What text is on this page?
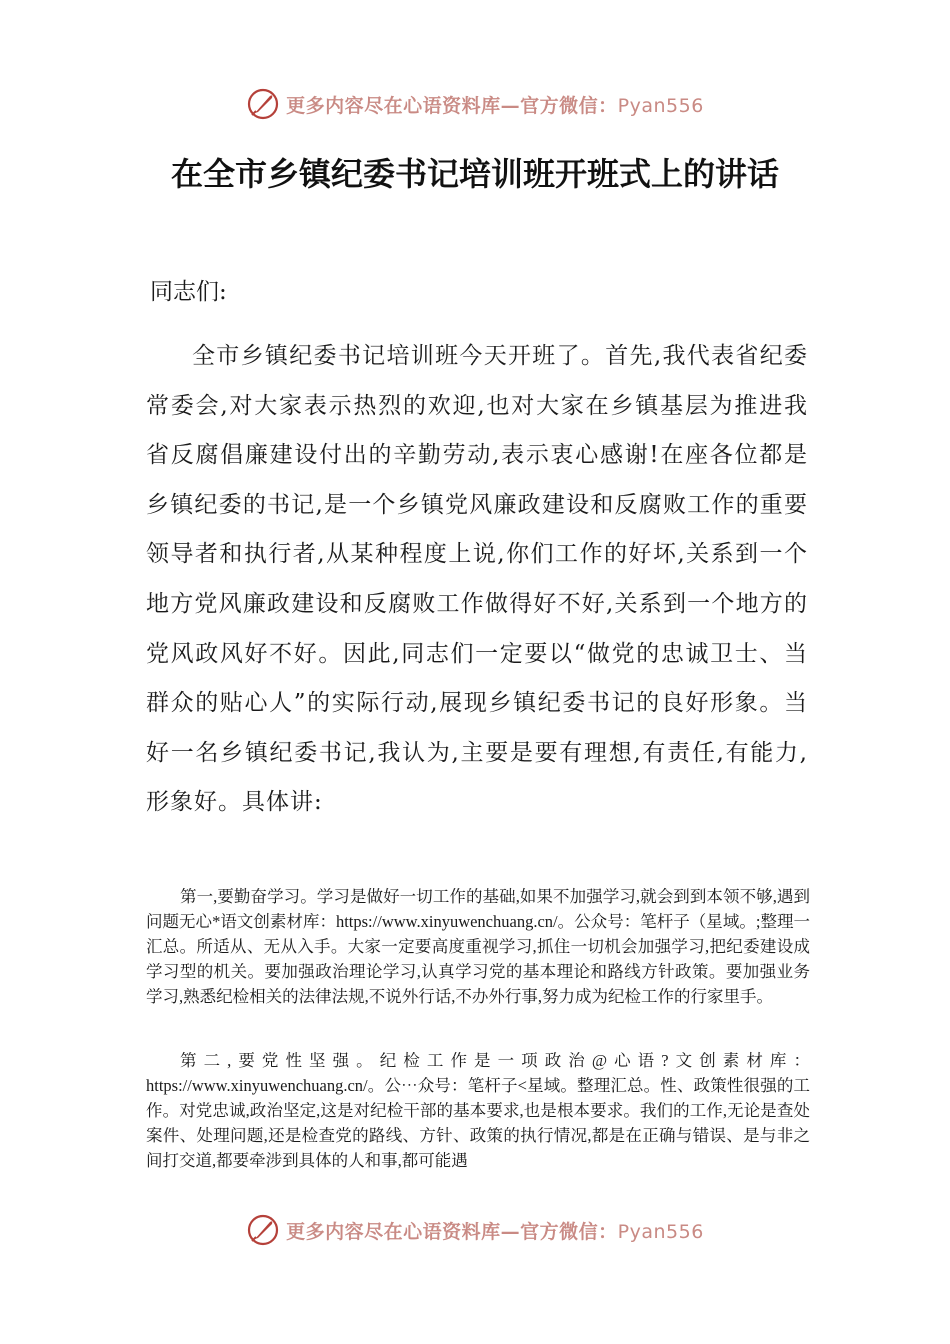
更多内容尽在心语资料库—官方微信：Pyan556
在全市乡镇纪委书记培训班开班式上的讲话
同志们:
全市乡镇纪委书记培训班今天开班了。首先,我代表省纪委常委会,对大家表示热烈的欢迎,也对大家在乡镇基层为推进我省反腐倡廉建设付出的辛勤劳动,表示衷心感谢!在座各位都是乡镇纪委的书记,是一个乡镇党风廉政建设和反腐败工作的重要领导者和执行者,从某种程度上说,你们工作的好坏,关系到一个地方党风廉政建设和反腐败工作做得好不好,关系到一个地方的党风政风好不好。因此,同志们一定要以“做党的忠诚卫士、当群众的贴心人”的实际行动,展现乡镇纪委书记的良好形象。当好一名乡镇纪委书记,我认为,主要是要有理想,有责任,有能力,形象好。具体讲:
第一,要勤奋学习。学习是做好一切工作的基础,如果不加强学习,就会到到本领不够,遇到问题无心*语文创素材库：https://www.xinyuwenchuang.cn/。公众号：笔杆子（星域。;整理一汇总。所适从、无从入手。大家一定要高度重视学习,抓住一切机会加强学习,把纪委建设成学习型的机关。要加强政治理论学习,认真学习党的基本理论和路线方针政策。要加强业务学习,熟悉纪检相关的法律法规,不说外行话,不办外行事,努力成为纪检工作的行家里手。
第二,要党性坚强。纪检工作是一项政治@心语?文创素材库：https://www.xinyuwenchuang.cn/。公⋯众号：笔杆子<星域。整理汇总。性、政策性很强的工作。对党忠诚,政治坚定,这是对纪检干部的基本要求,也是根本要求。我们的工作,无论是查处案件、处理问题,还是检查党的路线、方针、政策的执行情况,都是在正确与错误、是与非之间打交道,都要牵涉到具体的人和事,都可能遇
更多内容尽在心语资料库—官方微信：Pyan556
